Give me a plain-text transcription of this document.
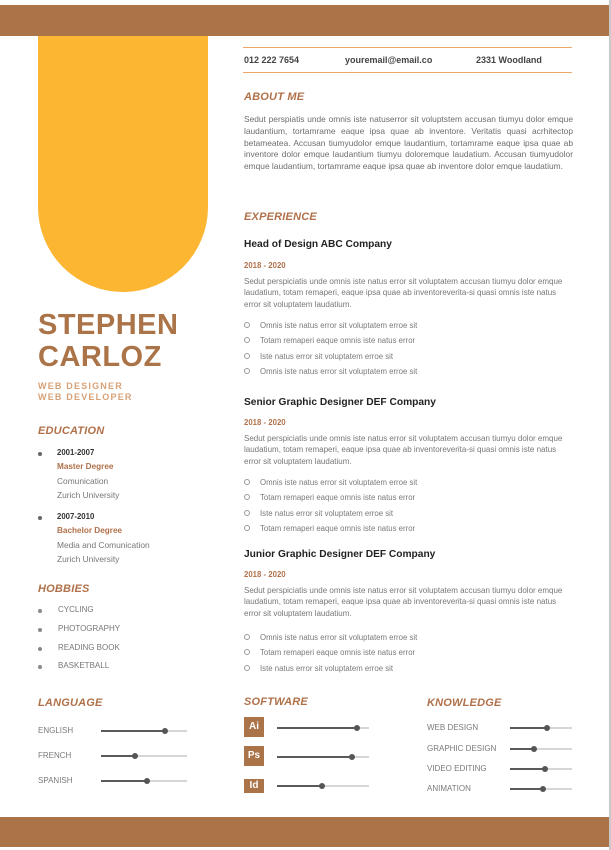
012 222 7654	youremail@email.co	2331 Woodland
ABOUT ME
Sedut perspiatis unde omnis iste natuserror sit voluptstem accusan tiumyu dolor emque laudantium, tortamrame eaque ipsa quae ab inventore. Veritatis quasi acrhitectop betameatea. Accusan tiumyudolor emque laudantium, tortamrame eaque ipsa quae ab inventore dolor emque laudantium tiumyu doloremque laudatium. Accusan tiumyudolor emque laudantium, tortamrame eaque ipsa quae ab inventore dolor emque laudatium.
EXPERIENCE
Head of Design ABC Company
2018 - 2020
Sedut perspiciatis unde omnis iste natus error sit voluptatem accusan tiumyu dolor emque laudatium, totam remaperi, eaque ipsa quae ab inventoreverita-si quasi omnis iste natus error sit voluptatem laudatium.
Omnis iste natus error sit voluptatem erroe sit
Totam remaperi eaque omnis iste natus error
Iste natus error sit voluptatem erroe sit
Omnis iste natus error sit voluptatem erroe sit
Senior Graphic Designer DEF Company
2018 - 2020
Sedut perspiciatis unde omnis iste natus error sit voluptatem accusan tiumyu dolor emque laudatium, totam remaperi, eaque ipsa quae ab inventoreverita-si quasi omnis iste natus error sit voluptatem laudatium.
Omnis iste natus error sit voluptatem erroe sit
Totam remaperi eaque omnis iste natus error
Iste natus error sit voluptatem erroe sit
Totam remaperi eaque omnis iste natus error
Junior Graphic Designer DEF Company
2018 - 2020
Sedut perspiciatis unde omnis iste natus error sit voluptatem accusan tiumyu dolor emque laudatium, totam remaperi, eaque ipsa quae ab inventoreverita-si quasi omnis iste natus error sit voluptatem laudatium.
Omnis iste natus error sit voluptatem erroe sit
Totam remaperi eaque omnis iste natus error
Iste natus error sit voluptatem erroe sit
STEPHEN
CARLOZ
WEB DESIGNER
WEB DEVELOPER
EDUCATION
2001-2007
Master Degree
Comunication
Zurich University
2007-2010
Bachelor Degree
Media and Comunication
Zurich University
HOBBIES
CYCLING
PHOTOGRAPHY
READING BOOK
BASKETBALL
LANGUAGE
ENGLISH
FRENCH
SPANISH
SOFTWARE
Ai
Ps
Id
KNOWLEDGE
WEB DESIGN
GRAPHIC DESIGN
VIDEO EDITING
ANIMATION
